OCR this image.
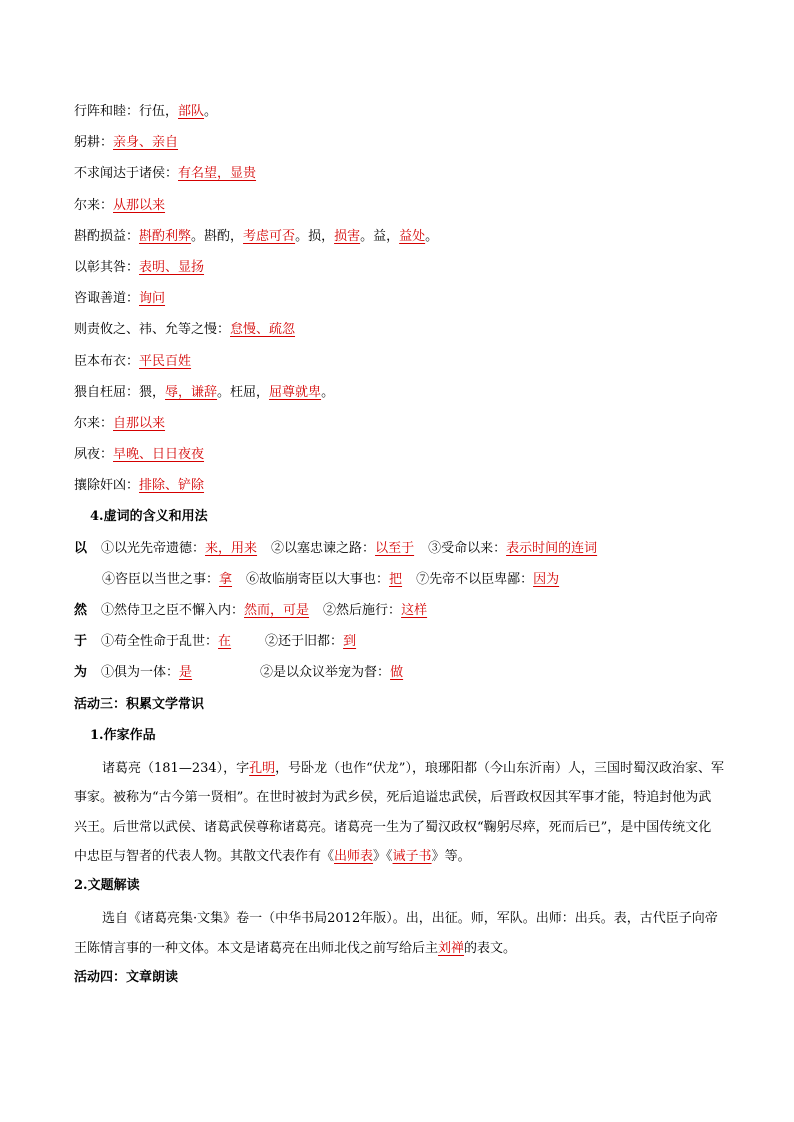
行阵和睦：行伍，部队。
躬耕：亲身、亲自
不求闻达于诸侯：有名望，显贵
尔来：从那以来
斟酌损益：斟酌利弊。斟酌，考虑可否。损，损害。益，益处。
以彰其咎：表明、显扬
咨诹善道：询问
则责攸之、祎、允等之慢：怠慢、疏忽
臣本布衣：平民百姓
猥自枉屈：猥，辱，谦辞。枉屈，屈尊就卑。
尔来：自那以来
夙夜：早晚、日日夜夜
攘除奸凶：排除、铲除
4.虚词的含义和用法
以 ①以光先帝遗德：来，用来 ②以塞忠谏之路：以至于 ③受命以来：表示时间的连词
④咨臣以当世之事：拿 ⑥故临崩寄臣以大事也：把 ⑦先帝不以臣卑鄙：因为
然 ①然侍卫之臣不懈入内：然而，可是 ②然后施行：这样
于 ①苟全性命于乱世：在	②还于旧都：到
为 ①俱为一体：是	②是以众议举宠为督：做
活动三：积累文学常识
1.作家作品

诸葛亮（181—234），字孔明，号卧龙（也作“伏龙”），琅琊阳都（今山东沂南）人，三国时蜀汉政治家、军事家。被称为“古今第一贤相”。在世时被封为武乡侯，死后追谥忠武侯，后晋政权因其军事才能，特追封他为武兴王。后世常以武侯、诸葛武侯尊称诸葛亮。诸葛亮一生为了蜀汉政权“鞠躬尽瘁，死而后已”，是中国传统文化中忠臣与智者的代表人物。其散文代表作有《出师表》《诫子书》等。

2.文题解读

选自《诸葛亮集·文集》卷一（中华书局2012年版）。出，出征。师，军队。出师：出兵。表，古代臣子向帝王陈情言事的一种文体。本文是诸葛亮在出师北伐之前写给后主刘禅的表文。

活动四：文章朗读
